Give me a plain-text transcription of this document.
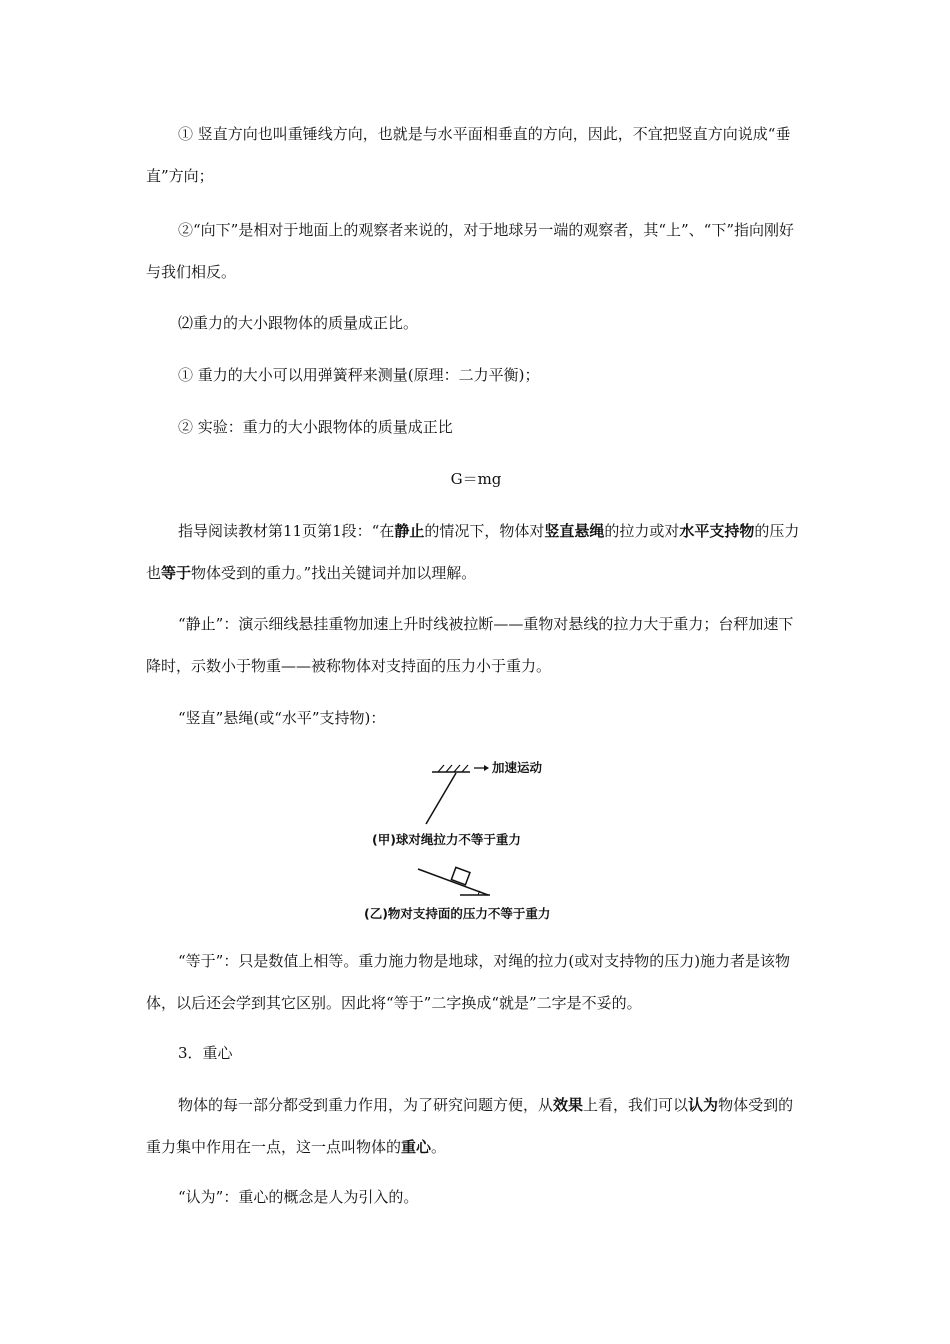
① 竖直方向也叫重锤线方向，也就是与水平面相垂直的方向，因此，不宜把竖直方向说成“垂直”方向；

②“向下”是相对于地面上的观察者来说的，对于地球另一端的观察者，其“上”、“下”指向刚好与我们相反。

⑵重力的大小跟物体的质量成正比。

① 重力的大小可以用弹簧秤来测量(原理：二力平衡)；

② 实验：重力的大小跟物体的质量成正比

G＝mg

指导阅读教材第11页第1段：“在静止的情况下，物体对竖直悬绳的拉力或对水平支持物的压力也等于物体受到的重力。”找出关键词并加以理解。

“静止”：演示细线悬挂重物加速上升时线被拉断——重物对悬线的拉力大于重力；台秤加速下降时，示数小于物重——被称物体对支持面的压力小于重力。

“竖直”悬绳(或“水平”支持物)：

加速运动
(甲)球对绳拉力不等于重力
(乙)物对支持面的压力不等于重力

“等于”：只是数值上相等。重力施力物是地球，对绳的拉力(或对支持物的压力)施力者是该物体，以后还会学到其它区别。因此将“等于”二字换成“就是”二字是不妥的。

3．重心

物体的每一部分都受到重力作用，为了研究问题方便，从效果上看，我们可以认为物体受到的重力集中作用在一点，这一点叫物体的重心。

“认为”：重心的概念是人为引入的。
